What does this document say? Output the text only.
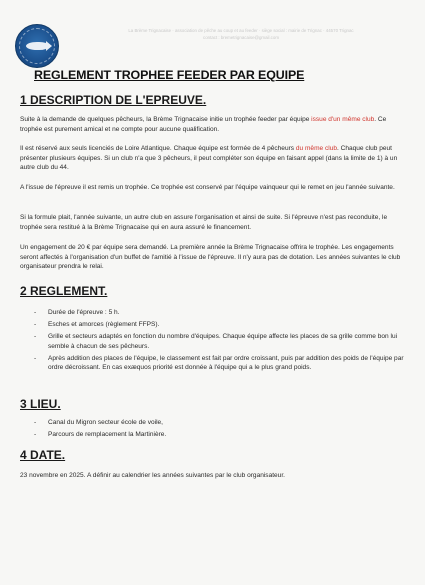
La Brème Trignacaise · association de pêche au coup et au feeder · siège social : mairie de Trignac · 44570 Trignac
contact : bremetrignacaise@gmail.com
REGLEMENT TROPHEE FEEDER PAR EQUIPE
1 DESCRIPTION DE L'EPREUVE.

Suite à la demande de quelques pêcheurs, la Brème Trignacaise initie un trophée feeder par équipe issue d'un même club. Ce trophée est purement amical et ne compte pour aucune qualification.

Il est réservé aux seuls licenciés de Loire Atlantique. Chaque équipe est formée de 4 pêcheurs du même club. Chaque club peut présenter plusieurs équipes. Si un club n'a que 3 pêcheurs, il peut compléter son équipe en faisant appel (dans la limite de 1) à un autre club du 44.

A l'issue de l'épreuve il est remis un trophée. Ce trophée est conservé par l'équipe vainqueur qui le remet en jeu l'année suivante.

Si la formule plait, l'année suivante, un autre club en assure l'organisation et ainsi de suite. Si l'épreuve n'est pas reconduite, le trophée sera restitué à la Brème Trignacaise qui en aura assuré le financement.

Un engagement de 20 € par équipe sera demandé. La première année la Brème Trignacaise offrira le trophée. Les engagements seront affectés à l'organisation d'un buffet de l'amitié à l'issue de l'épreuve. Il n'y aura pas de dotation. Les années suivantes le club organisateur prendra le relai.

2 REGLEMENT.
- Durée de l'épreuve : 5 h.
- Esches et amorces (règlement FFPS).
- Grille et secteurs adaptés en fonction du nombre d'équipes. Chaque équipe affecte les places de sa grille comme bon lui semble à chacun de ses pêcheurs.
- Après addition des places de l'équipe, le classement est fait par ordre croissant, puis par addition des poids de l'équipe par ordre décroissant. En cas exæquos priorité est donnée à l'équipe qui a le plus grand poids.
3 LIEU.
- Canal du Migron secteur école de voile,
- Parcours de remplacement la Martinière.
4 DATE.

23 novembre en 2025. A définir au calendrier les années suivantes par le club organisateur.
